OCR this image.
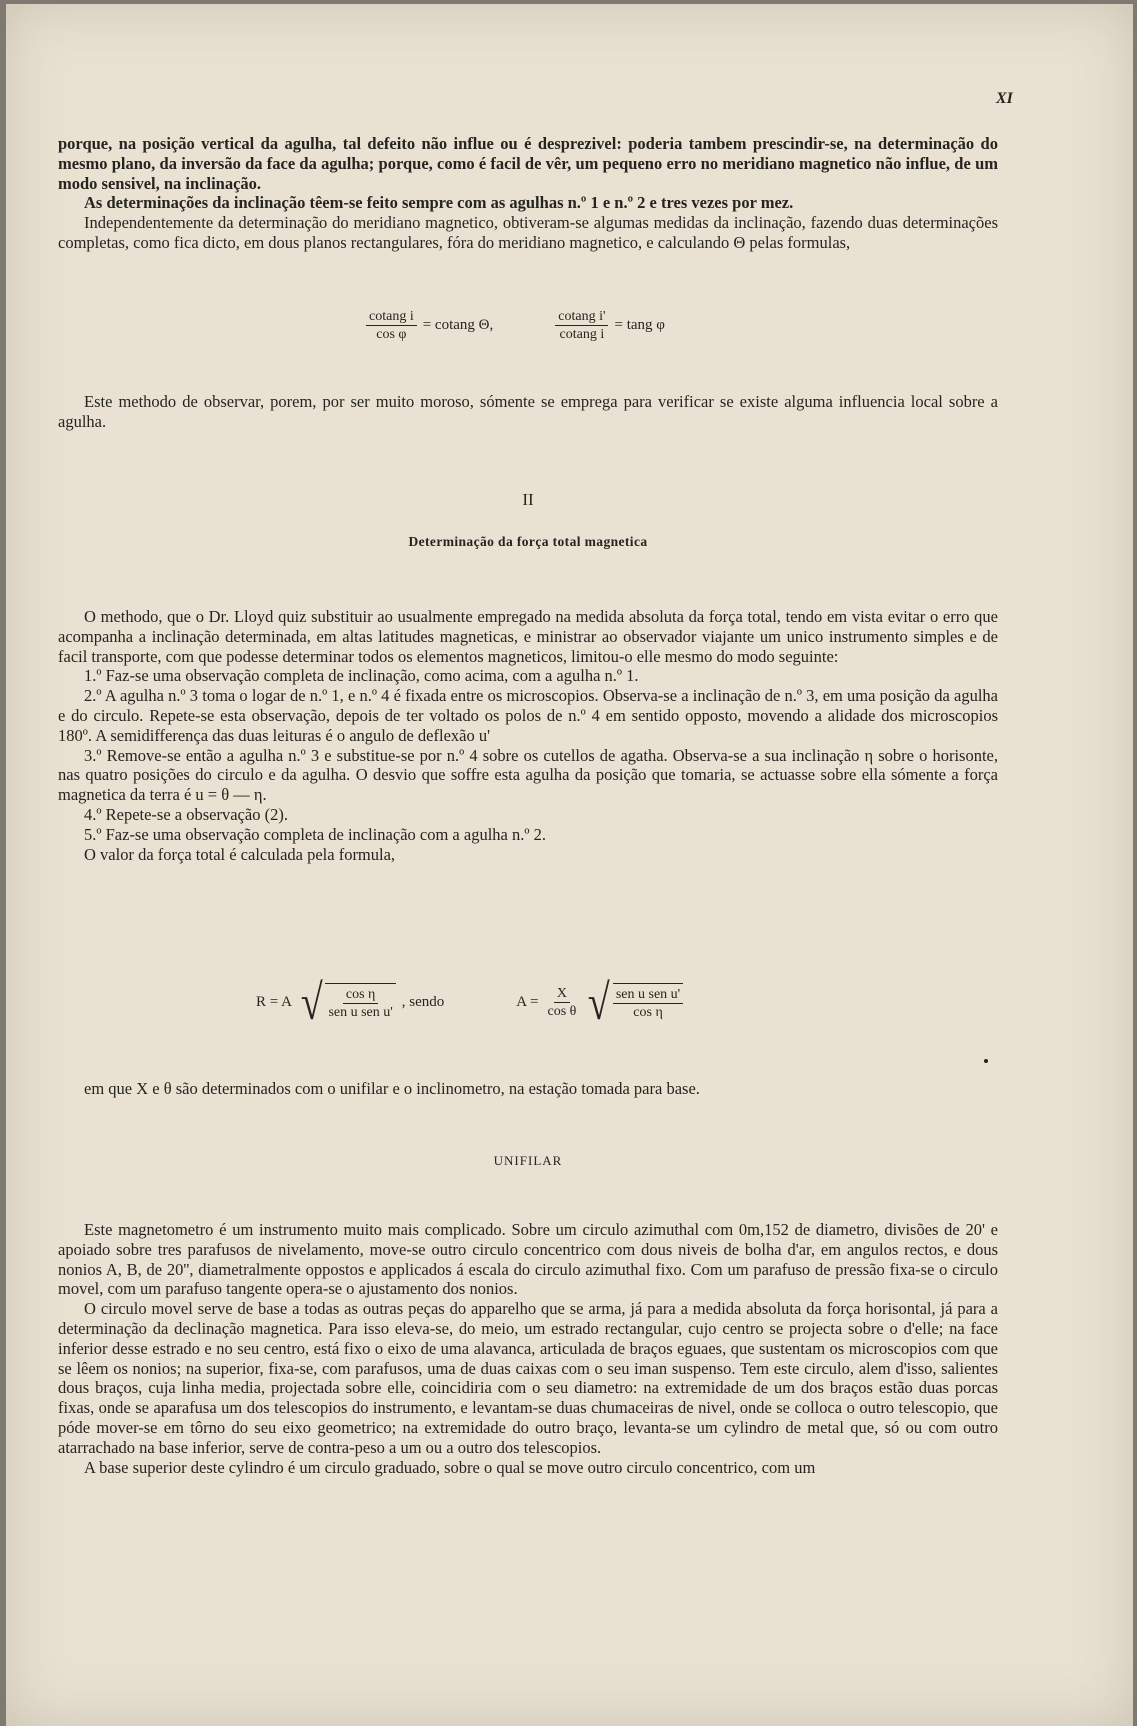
XI

porque, na posição vertical da agulha, tal defeito não influe ou é desprezivel: poderia tambem prescindir-se, na determinação do mesmo plano, da inversão da face da agulha; porque, como é facil de vêr, um pequeno erro no meridiano magnetico não influe, de um modo sensivel, na inclinação.

As determinações da inclinação têem-se feito sempre com as agulhas n.º 1 e n.º 2 e tres vezes por mez.

Independentemente da determinação do meridiano magnetico, obtiveram-se algumas medidas da inclinação, fazendo duas determinações completas, como fica dicto, em dous planos rectangulares, fóra do meridiano magnetico, e calculando Θ pelas formulas,

$\frac{\text{cotang i}}{\text{cos φ}} = cotang$ Θ,	$\frac{\text{cotang i'}}{\text{cotang i}} = \tan g$ φ

Este methodo de observar, porem, por ser muito moroso, sómente se emprega para verificar se existe alguma influencia local sobre a agulha.

II
Determinação da força total magnetica

O methodo, que o Dr. Lloyd quiz substituir ao usualmente empregado na medida absoluta da força total, tendo em vista evitar o erro que acompanha a inclinação determinada, em altas latitudes magneticas, e ministrar ao observador viajante um unico instrumento simples e de facil transporte, com que podesse determinar todos os elementos magneticos, limitou-o elle mesmo do modo seguinte:

1.º Faz-se uma observação completa de inclinação, como acima, com a agulha n.º 1.

2.º A agulha n.º 3 toma o logar de n.º 1, e n.º 4 é fixada entre os microscopios. Observa-se a inclinação de n.º 3, em uma posição da agulha e do circulo. Repete-se esta observação, depois de ter voltado os polos de n.º 4 em sentido opposto, movendo a alidade dos microscopios 180º. A semidifferença das duas leituras é o angulo de deflexão u'

3.º Remove-se então a agulha n.º 3 e substitue-se por n.º 4 sobre os cutellos de agatha. Observa-se a sua inclinação η sobre o horisonte, nas quatro posições do circulo e da agulha. O desvio que soffre esta agulha da posição que tomaria, se actuasse sobre ella sómente a força magnetica da terra é u = θ — η.

4.º Repete-se a observação (2).

5.º Faz-se uma observação completa de inclinação com a agulha n.º 2.

O valor da força total é calculada pela formula,

R = A √ $\frac{\text{cos η}}{\text{sen u sen u'}}$ , sendo	$A = \frac{X}{\text{cos θ}}$ √ $\frac{\text{sen u sen u'}}{\text{cos η}}$

em que X e θ são determinados com o unifilar e o inclinometro, na estação tomada para base.

UNIFILAR

Este magnetometro é um instrumento muito mais complicado. Sobre um circulo azimuthal com 0m,152 de diametro, divisões de 20' e apoiado sobre tres parafusos de nivelamento, move-se outro circulo concentrico com dous niveis de bolha d'ar, em angulos rectos, e dous nonios A, B, de 20'', diametralmente oppostos e applicados á escala do circulo azimuthal fixo. Com um parafuso de pressão fixa-se o circulo movel, com um parafuso tangente opera-se o ajustamento dos nonios.

O circulo movel serve de base a todas as outras peças do apparelho que se arma, já para a medida absoluta da força horisontal, já para a determinação da declinação magnetica. Para isso eleva-se, do meio, um estrado rectangular, cujo centro se projecta sobre o d'elle; na face inferior desse estrado e no seu centro, está fixo o eixo de uma alavanca, articulada de braços eguaes, que sustentam os microscopios com que se lêem os nonios; na superior, fixa-se, com parafusos, uma de duas caixas com o seu iman suspenso. Tem este circulo, alem d'isso, salientes dous braços, cuja linha media, projectada sobre elle, coincidiria com o seu diametro: na extremidade de um dos braços estão duas porcas fixas, onde se aparafusa um dos telescopios do instrumento, e levantam-se duas chumaceiras de nivel, onde se colloca o outro telescopio, que póde mover-se em tôrno do seu eixo geometrico; na extremidade do outro braço, levanta-se um cylindro de metal que, só ou com outro atarrachado na base inferior, serve de contra-peso a um ou a outro dos telescopios.

A base superior deste cylindro é um circulo graduado, sobre o qual se move outro circulo concentrico, com um
